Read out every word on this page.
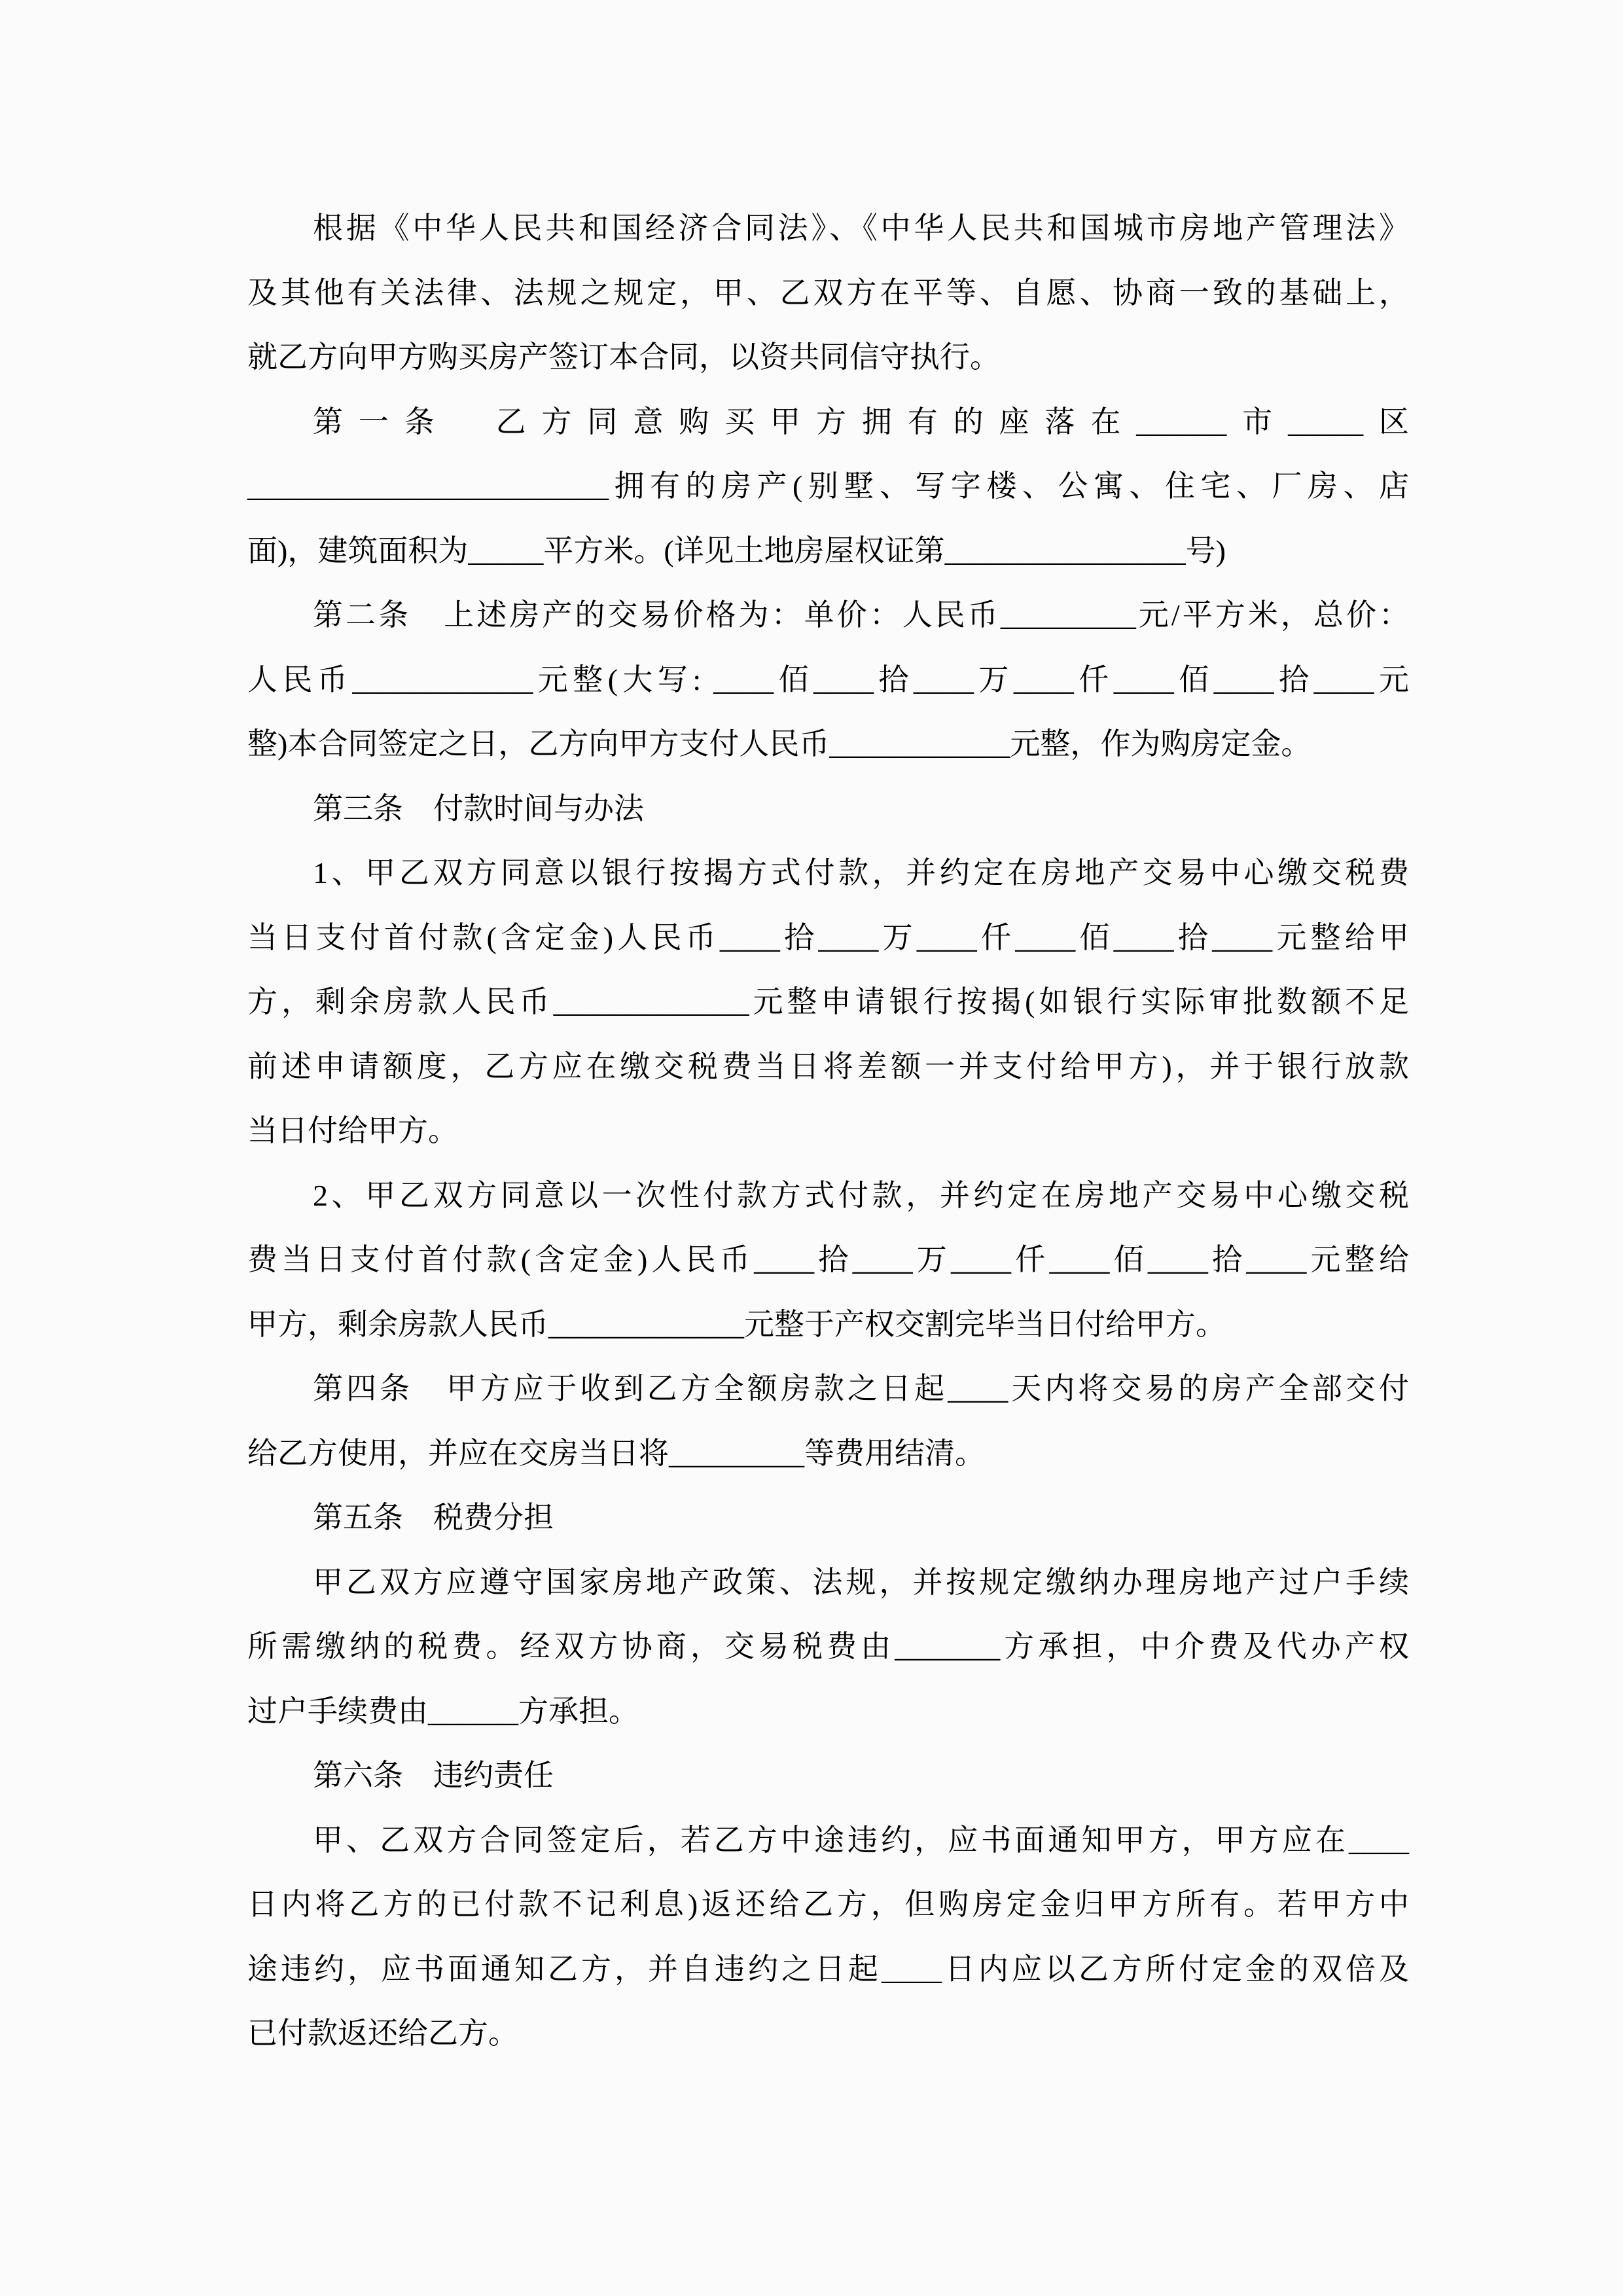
根据《中华人民共和国经济合同法》、《中华人民共和国城市房地产管理法》
及其他有关法律、法规之规定，甲、乙双方在平等、自愿、协商一致的基础上，
就乙方向甲方购买房产签订本合同，以资共同信守执行。
第一条　乙方同意购买甲方拥有的座落在______市_____区
________________________拥有的房产(别墅、写字楼、公寓、住宅、厂房、店
面)，建筑面积为_____平方米。(详见土地房屋权证第________________号)
第二条　上述房产的交易价格为：单价：人民币_________元/平方米，总价：
人民币____________元整(大写: ____佰____拾____万____仟____佰____拾____元
整)本合同签定之日，乙方向甲方支付人民币____________元整，作为购房定金。
第三条　付款时间与办法
1、甲乙双方同意以银行按揭方式付款，并约定在房地产交易中心缴交税费
当日支付首付款(含定金)人民币____拾____万____仟____佰____拾____元整给甲
方，剩余房款人民币_____________元整申请银行按揭(如银行实际审批数额不足
前述申请额度，乙方应在缴交税费当日将差额一并支付给甲方)，并于银行放款
当日付给甲方。
2、甲乙双方同意以一次性付款方式付款，并约定在房地产交易中心缴交税
费当日支付首付款(含定金)人民币____拾____万____仟____佰____拾____元整给
甲方，剩余房款人民币_____________元整于产权交割完毕当日付给甲方。
第四条　甲方应于收到乙方全额房款之日起____天内将交易的房产全部交付
给乙方使用，并应在交房当日将_________等费用结清。
第五条　税费分担
甲乙双方应遵守国家房地产政策、法规，并按规定缴纳办理房地产过户手续
所需缴纳的税费。经双方协商，交易税费由_______方承担，中介费及代办产权
过户手续费由______方承担。
第六条　违约责任
甲、乙双方合同签定后，若乙方中途违约，应书面通知甲方，甲方应在____
日内将乙方的已付款不记利息)返还给乙方，但购房定金归甲方所有。若甲方中
途违约，应书面通知乙方，并自违约之日起____日内应以乙方所付定金的双倍及
已付款返还给乙方。
